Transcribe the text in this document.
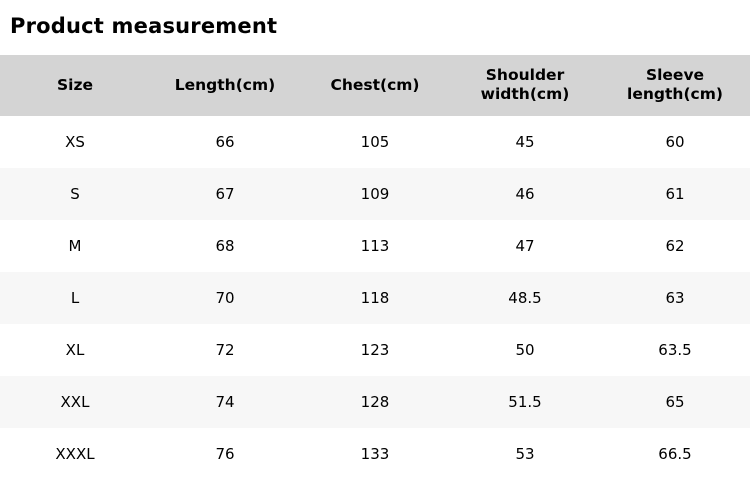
Product measurement
Size	Length(cm)	Chest(cm)	Shoulder width(cm)	Sleeve length(cm)
XS	66	105	45	60
S	67	109	46	61
M	68	113	47	62
L	70	118	48.5	63
XL	72	123	50	63.5
XXL	74	128	51.5	65
XXXL	76	133	53	66.5
